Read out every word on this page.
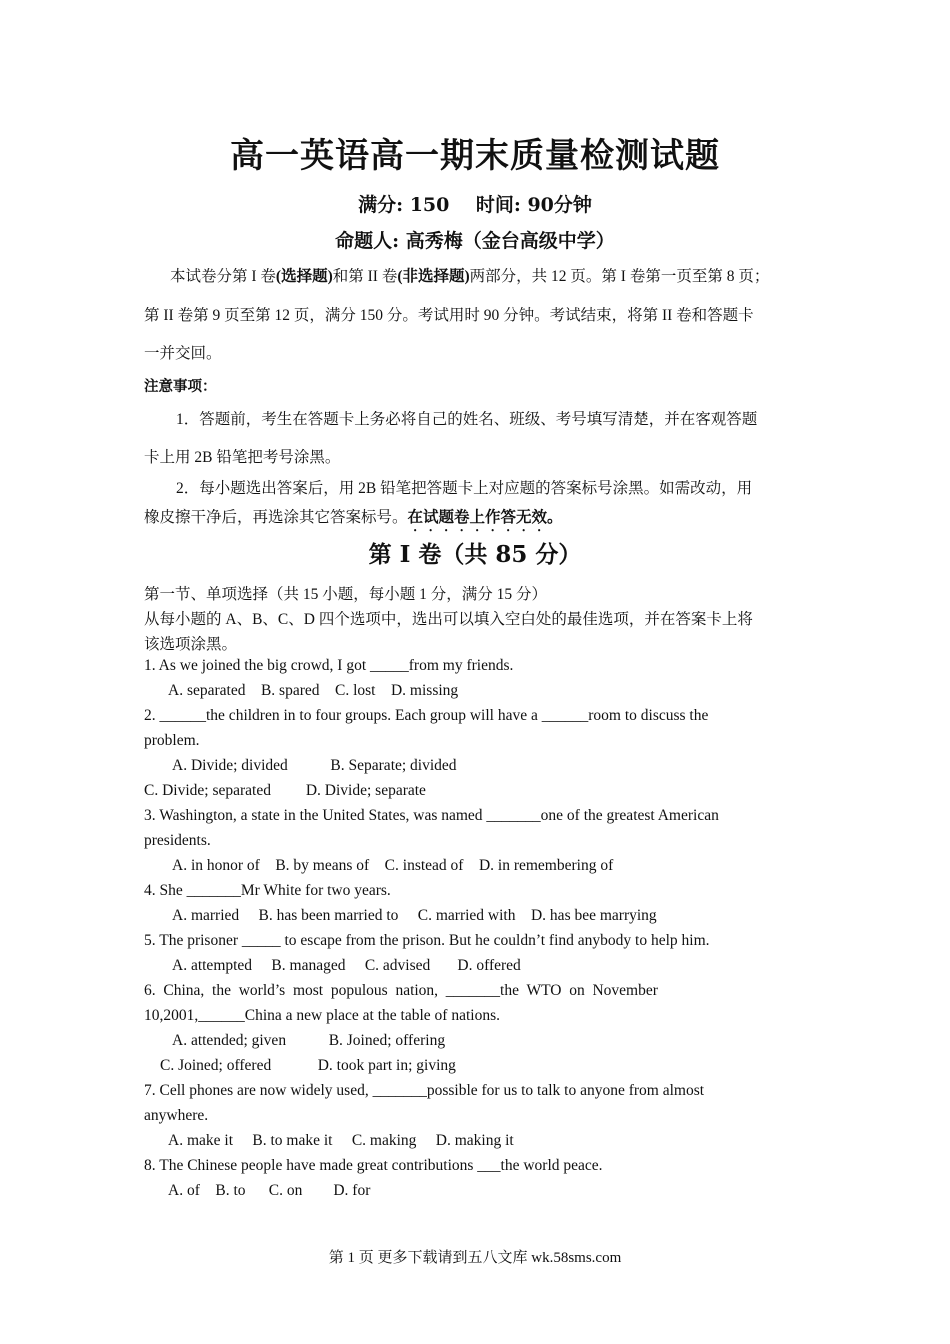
高一英语高一期末质量检测试题
满分: 150    时间: 90分钟
命题人: 高秀梅（金台高级中学）
本试卷分第 I 卷(选择题)和第 II 卷(非选择题)两部分，共 12 页。第 I 卷第一页至第 8 页；
第 II 卷第 9 页至第 12 页，满分 150 分。考试用时 90 分钟。考试结束，将第 II 卷和答题卡
一并交回。
注意事项：
1．答题前，考生在答题卡上务必将自己的姓名、班级、考号填写清楚，并在客观答题
卡上用 2B 铅笔把考号涂黑。
2．每小题选出答案后，用 2B 铅笔把答题卡上对应题的答案标号涂黑。如需改动，用
橡皮擦干净后，再选涂其它答案标号。在试题卷上作答无效。
第 I 卷（共 85 分）
第一节、单项选择（共 15 小题，每小题 1 分，满分 15 分）
从每小题的 A、B、C、D 四个选项中，选出可以填入空白处的最佳选项，并在答案卡上将
该选项涂黑。
1. As we joined the big crowd, I got _____from my friends.
A. separated    B. spared    C. lost    D. missing
2. ______the children in to four groups. Each group will have a ______room to discuss the
problem.
A. Divide; divided           B. Separate; divided
C. Divide; separated         D. Divide; separate
3. Washington, a state in the United States, was named _______one of the greatest American
presidents.
A. in honor of    B. by means of    C. instead of    D. in remembering of
4. She _______Mr White for two years.
A. married     B. has been married to     C. married with    D. has bee marrying
5. The prisoner _____ to escape from the prison. But he couldn’t find anybody to help him.
A. attempted     B. managed     C. advised       D. offered
6.  China,  the  world’s  most  populous  nation,  _______the  WTO  on  November
10,2001,______China a new place at the table of nations.
A. attended; given           B. Joined; offering
C. Joined; offered            D. took part in; giving
7. Cell phones are now widely used, _______possible for us to talk to anyone from almost
anywhere.
A. make it     B. to make it     C. making     D. making it
8. The Chinese people have made great contributions ___the world peace.
A. of    B. to      C. on        D. for
第 1 页 更多下载请到五八文库 wk.58sms.com
